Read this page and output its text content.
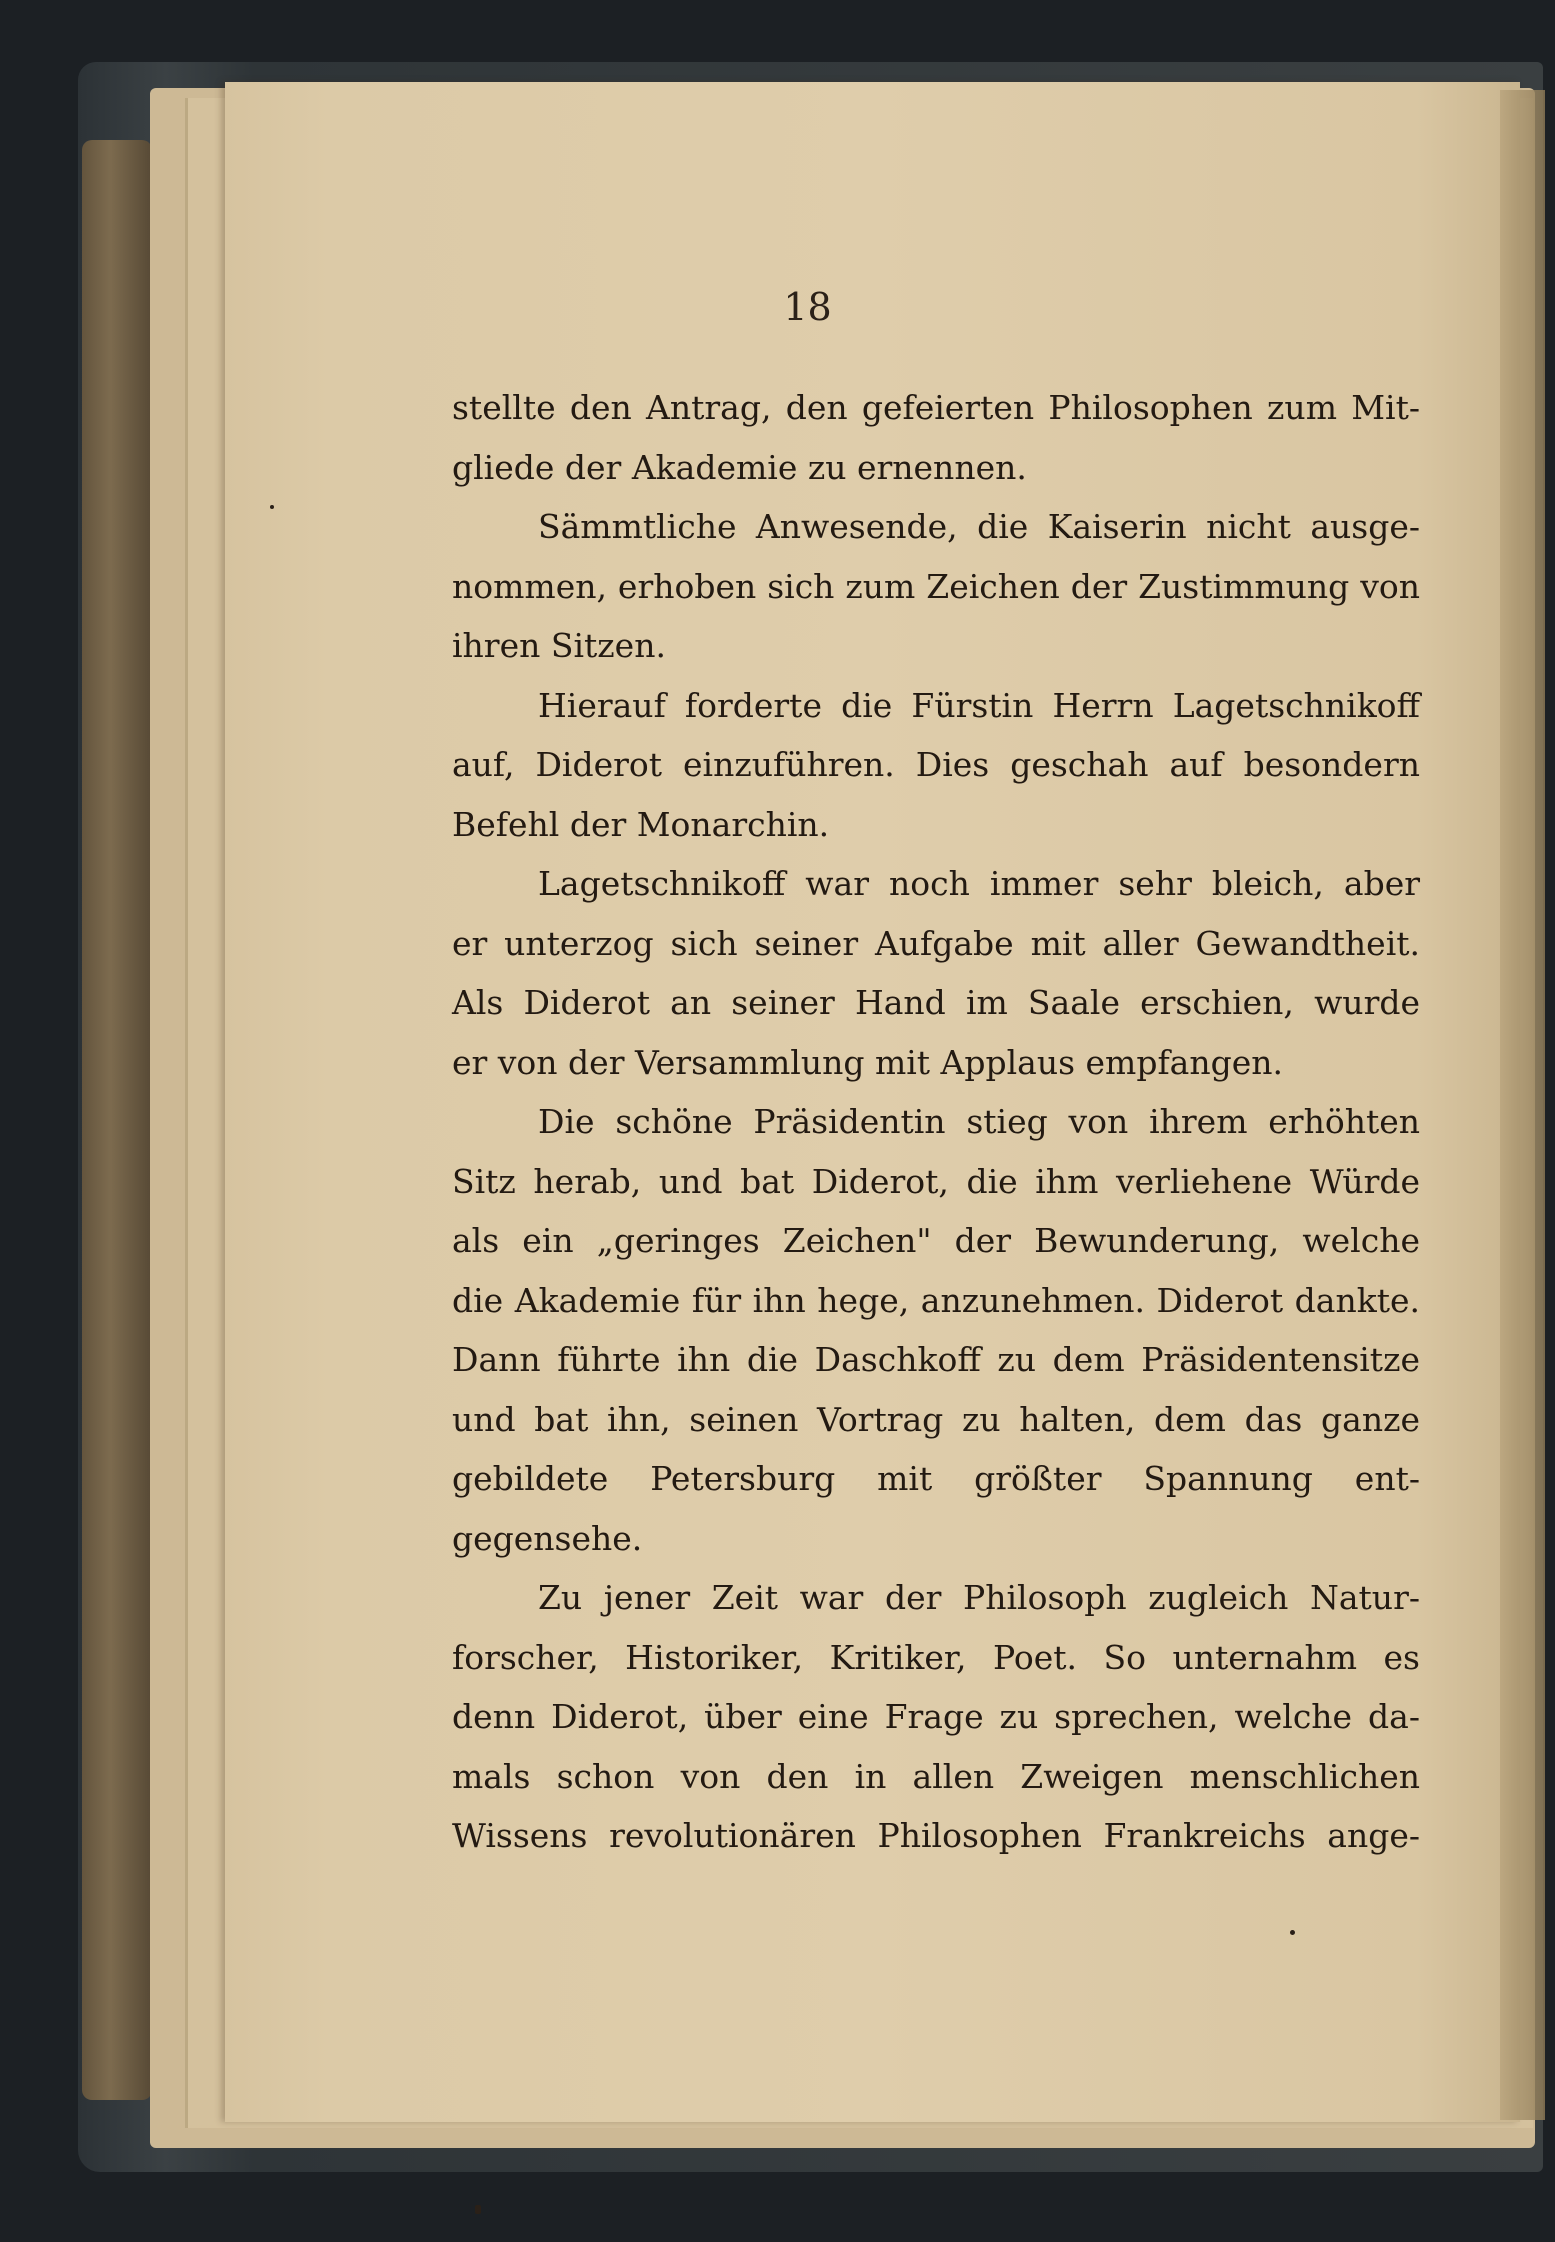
18
stellte den Antrag, den gefeierten Philosophen zum Mit-
gliede der Akademie zu ernennen.
Sämmtliche Anwesende, die Kaiserin nicht ausge-
nommen, erhoben sich zum Zeichen der Zustimmung von
ihren Sitzen.
Hierauf forderte die Fürstin Herrn Lagetschnikoff
auf, Diderot einzuführen. Dies geschah auf besondern
Befehl der Monarchin.
Lagetschnikoff war noch immer sehr bleich, aber
er unterzog sich seiner Aufgabe mit aller Gewandtheit.
Als Diderot an seiner Hand im Saale erschien, wurde
er von der Versammlung mit Applaus empfangen.
Die schöne Präsidentin stieg von ihrem erhöhten
Sitz herab, und bat Diderot, die ihm verliehene Würde
als ein „geringes Zeichen" der Bewunderung, welche
die Akademie für ihn hege, anzunehmen. Diderot dankte.
Dann führte ihn die Daschkoff zu dem Präsidentensitze
und bat ihn, seinen Vortrag zu halten, dem das ganze
gebildete Petersburg mit größter Spannung ent-
gegensehe.
Zu jener Zeit war der Philosoph zugleich Natur-
forscher, Historiker, Kritiker, Poet. So unternahm es
denn Diderot, über eine Frage zu sprechen, welche da-
mals schon von den in allen Zweigen menschlichen
Wissens revolutionären Philosophen Frankreichs ange-
